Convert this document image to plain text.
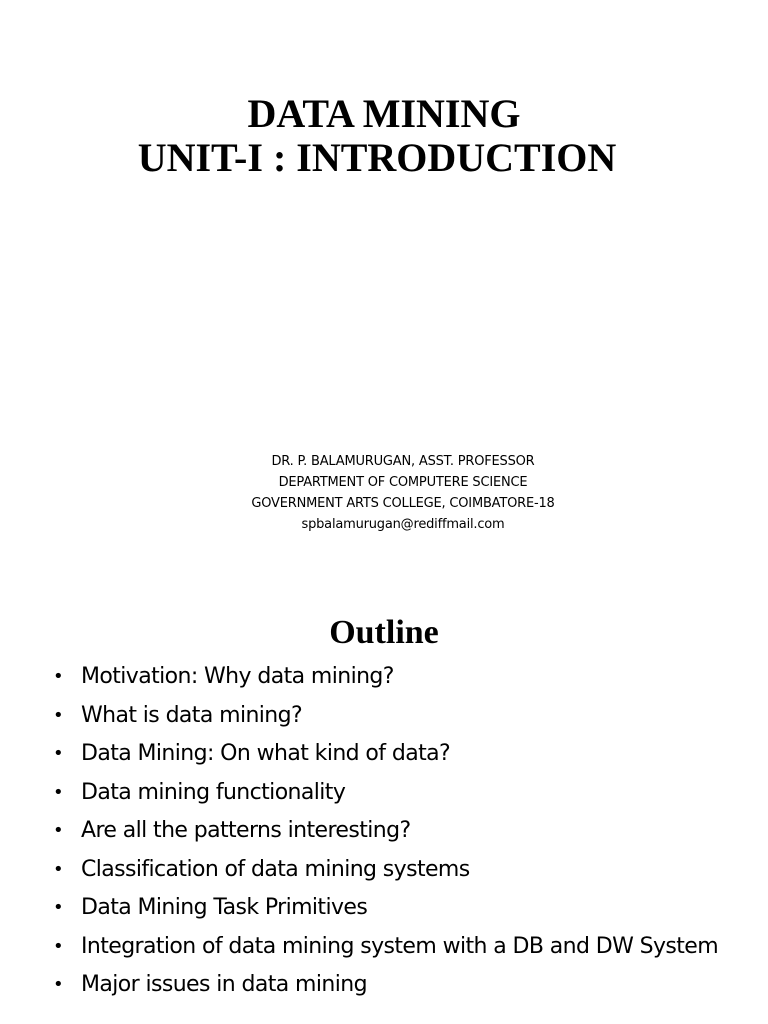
DATA MINING
UNIT-I : INTRODUCTION
DR. P. BALAMURUGAN, ASST. PROFESSOR
DEPARTMENT OF COMPUTERE SCIENCE
GOVERNMENT ARTS COLLEGE, COIMBATORE-18
spbalamurugan@rediffmail.com
Outline
• Motivation: Why data mining?
• What is data mining?
• Data Mining: On what kind of data?
• Data mining functionality
• Are all the patterns interesting?
• Classification of data mining systems
• Data Mining Task Primitives
• Integration of data mining system with a DB and DW System
• Major issues in data mining
